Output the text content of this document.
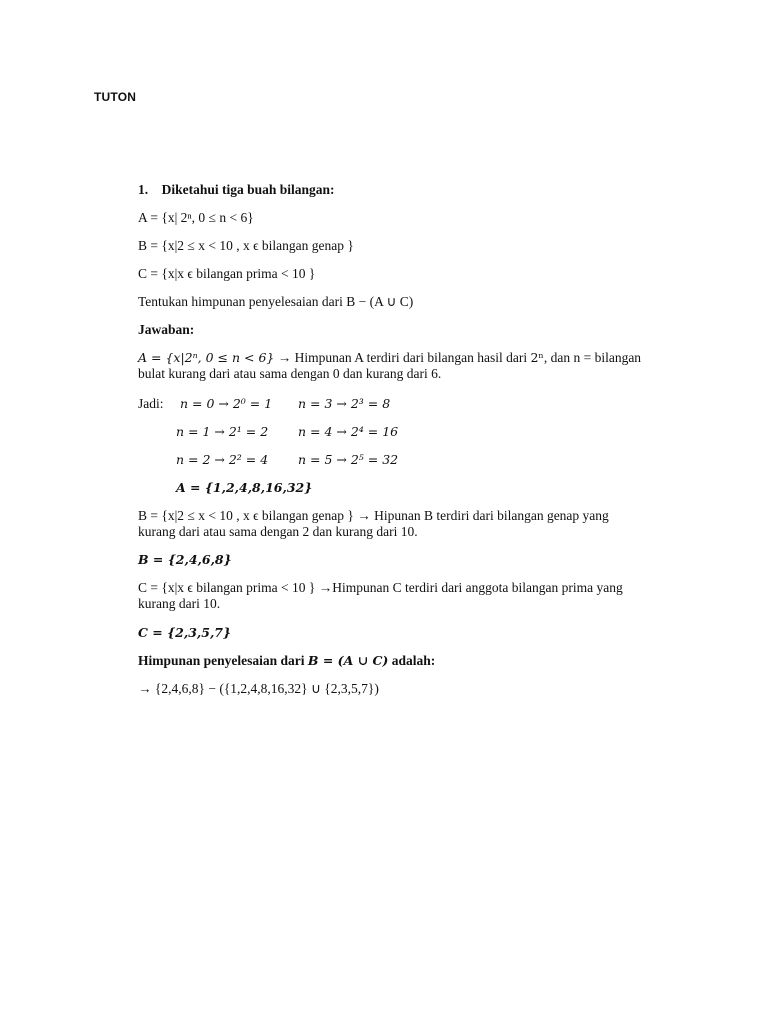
TUTON
1.    Diketahui tiga buah bilangan:
A = {x| 2ⁿ, 0 ≤ n < 6}
B = {x|2 ≤ x < 10 , x ϵ bilangan genap }
C = {x|x ϵ bilangan prima < 10 }
Tentukan himpunan penyelesaian dari B − (A ∪ C)
Jawaban:
A = {x|2ⁿ, 0 ≤ n < 6} → Himpunan A terdiri dari bilangan hasil dari 2ⁿ, dan n = bilangan bulat kurang dari atau sama dengan 0 dan kurang dari 6.
Jadi: n = 0 → 2⁰ = 1 n = 3 → 2³ = 8
n = 1 → 2¹ = 2 n = 4 → 2⁴ = 16
n = 2 → 2² = 4 n = 5 → 2⁵ = 32
A = {1,2,4,8,16,32}
B = {x|2 ≤ x < 10 , x ϵ bilangan genap } → Hipunan B terdiri dari bilangan genap yang kurang dari atau sama dengan 2 dan kurang dari 10.
B = {2,4,6,8}
C = {x|x ϵ bilangan prima < 10 } →Himpunan C terdiri dari anggota bilangan prima yang kurang dari 10.
C = {2,3,5,7}
Himpunan penyelesaian dari B = (A ∪ C) adalah:
→ {2,4,6,8} − ({1,2,4,8,16,32} ∪ {2,3,5,7})
